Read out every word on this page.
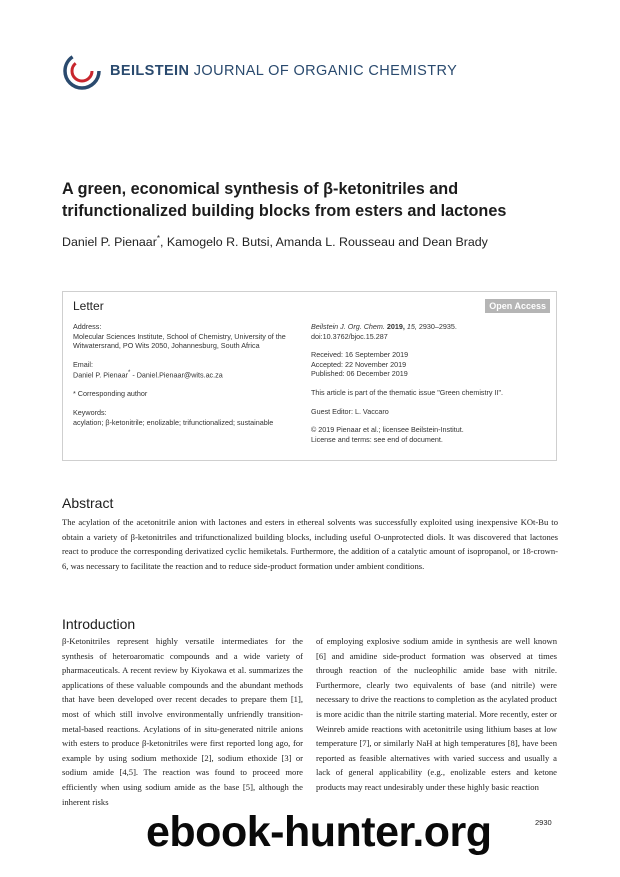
BEILSTEIN JOURNAL OF ORGANIC CHEMISTRY
A green, economical synthesis of β-ketonitriles and trifunctionalized building blocks from esters and lactones
Daniel P. Pienaar*, Kamogelo R. Butsi, Amanda L. Rousseau and Dean Brady
Letter	Open Access
Address:
Molecular Sciences Institute, School of Chemistry, University of the Witwatersrand, PO Wits 2050, Johannesburg, South Africa
Email:
Daniel P. Pienaar* - Daniel.Pienaar@wits.ac.za
* Corresponding author
Keywords:
acylation; β-ketonitrile; enolizable; trifunctionalized; sustainable
Beilstein J. Org. Chem. 2019, 15, 2930–2935.
doi:10.3762/bjoc.15.287
Received: 16 September 2019
Accepted: 22 November 2019
Published: 06 December 2019
This article is part of the thematic issue "Green chemistry II".
Guest Editor: L. Vaccaro
© 2019 Pienaar et al.; licensee Beilstein-Institut.
License and terms: see end of document.
Abstract
The acylation of the acetonitrile anion with lactones and esters in ethereal solvents was successfully exploited using inexpensive KOt-Bu to obtain a variety of β-ketonitriles and trifunctionalized building blocks, including useful O-unprotected diols. It was discovered that lactones react to produce the corresponding derivatized cyclic hemiketals. Furthermore, the addition of a catalytic amount of isopropanol, or 18-crown-6, was necessary to facilitate the reaction and to reduce side-product formation under ambient conditions.
Introduction
β-Ketonitriles represent highly versatile intermediates for the synthesis of heteroaromatic compounds and a wide variety of pharmaceuticals. A recent review by Kiyokawa et al. summarizes the applications of these valuable compounds and the abundant methods that have been developed over recent decades to prepare them [1], most of which still involve environmentally unfriendly transition-metal-based reactions. Acylations of in situ-generated nitrile anions with esters to produce β-ketonitriles were first reported long ago, for example by using sodium methoxide [2], sodium ethoxide [3] or sodium amide [4,5]. The reaction was found to proceed more efficiently when using sodium amide as the base [5], although the inherent risks
of employing explosive sodium amide in synthesis are well known [6] and amidine side-product formation was observed at times through reaction of the nucleophilic amide base with nitrile. Furthermore, clearly two equivalents of base (and nitrile) were necessary to drive the reactions to completion as the acylated product is more acidic than the nitrile starting material. More recently, ester or Weinreb amide reactions with acetonitrile using lithium bases at low temperature [7], or similarly NaH at high temperatures [8], have been reported as feasible alternatives with varied success and usually a lack of general applicability (e.g., enolizable esters and ketone products may react undesirably under these highly basic reaction
2930
ebook-hunter.org
